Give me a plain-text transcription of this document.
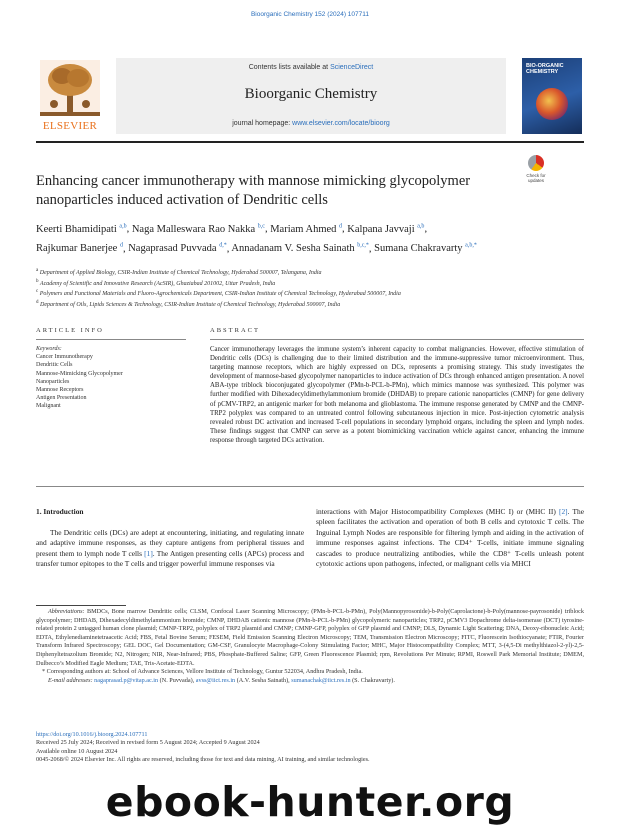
Bioorganic Chemistry 152 (2024) 107711
ELSEVIER
Contents lists available at ScienceDirect
Bioorganic Chemistry
journal homepage: www.elsevier.com/locate/bioorg
BIO-ORGANIC CHEMISTRY
Enhancing cancer immunotherapy with mannose mimicking glycopolymer nanoparticles induced activation of Dendritic cells
Check for
updates
Keerti Bhamidipati $^{a,b}$, Naga Malleswara Rao Nakka $^{b,c}$, Mariam Ahmed $^d$, Kalpana Javvaji $^{a,b}$,
Rajkumar Banerjee $^d$, Nagaprasad Puvvada $^{d,*}$, Annadanam V. Sesha Sainath $^{b,c,*}$, Sumana Chakravarty $^{a,b,*}$
$^a$ Department of Applied Biology, CSIR-Indian Institute of Chemical Technology, Hyderabad 500007, Telangana, India
$^b$ Academy of Scientific and Innovative Research (AcSIR), Ghaziabad 201002, Uttar Pradesh, India
$^c$ Polymers and Functional Materials and Fluoro-Agrochemicals Department, CSIR-Indian Institute of Chemical Technology, Hyderabad 500007, India
$^d$ Department of Oils, Lipids Sciences & Technology, CSIR-Indian Institute of Chemical Technology, Hyderabad 500007, India
ARTICLE INFO	ABSTRACT
Keywords:
Cancer Immunotherapy
Dendritic Cells
Mannose-Mimicking Glycopolymer
Nanoparticles
Mannose Receptors
Antigen Presentation
Malignant
Cancer immunotherapy leverages the immune system’s inherent capacity to combat malignancies. However, effective stimulation of Dendritic cells (DCs) is challenging due to their limited distribution and the immune-suppressive tumor microenvironment. Thus, targeting mannose receptors, which are highly expressed on DCs, represents a promising strategy. This study investigates the development of mannose-based glycopolymer nanoparticles to induce activation of DCs through enhanced antigen presentation. A novel ABA-type triblock bioconjugated glycopolymer (PMn-b-PCL-b-PMn), which mimics mannose was synthesized. This polymer was further modified with Dihexadecyldimethylammonium bromide (DHDAB) to prepare cationic nanoparticles (CMNP) for gene delivery of pCMV-TRP2, an antigenic marker for both melanoma and glioblastoma. The immune response generated by CMNP and the CMNP-TRP2 polyplex was compared to an untreated control following subcutaneous injection in mice. Post-injection cytometric analysis revealed robust DC activation and increased T-cell populations in secondary lymphoid organs, including the spleen and lymph nodes. These findings suggest that CMNP can serve as a potent biomimicking vaccination vehicle against cancer, enhancing the immune response through targeted DCs activation.
1. Introduction
The Dendritic cells (DCs) are adept at encountering, initiating, and regulating innate and adaptive immune responses, as they capture antigens from peripheral tissues and present them to lymph node T cells [1]. The Antigen presenting cells (APCs) process and transfer tumor epitopes to the T cells and trigger powerful immune responses via
interactions with Major Histocompatibility Complexes (MHC I) or (MHC II) [2]. The spleen facilitates the activation and operation of both B cells and cytotoxic T cells. The Inguinal Lymph Nodes are responsible for filtering lymph and aiding in the activation of immune responses against infections. The CD4⁺ T-cells, initiate immune signaling cascades to produce neutralizing antibodies, while the CD8⁺ T-cells unleash potent cytotoxic actions upon pathogens, infected, or malignant cells via MHCI
Abbreviations: BMDCs, Bone marrow Dendritic cells; CLSM, Confocal Laser Scanning Microscopy; (PMn-b-PCL-b-PMn), Poly(Mannopyrosonide)-b-Poly(Caprolactone)-b-Poly(mannose-payrosonide) triblock glycopolymer; DHDAB, Dihexadecyldimethylammonium bromide; CMNP, DHDAB cationic mannose (PMn-b-PCL-b-PMn) glycopolymeric nanoparticles; TRP2, pCMV3 Dopachrome delta-isomerase (DCT) tyrosine-related protein 2 untagged human clone plasmid; CMNP-TRP2, polyplex of TRP2 plasmid and CMNP; CMNP-GFP, polyplex of GFP plasmid and CMNP; DLS, Dynamic Light Scattering; DNA, Deoxy-ribonucleic Acid; EDTA, Ethylenediaminetetraacetic Acid; FBS, Fetal Bovine Serum; FESEM, Field Emission Scanning Electron Microscopy; TEM, Transmission Electron Microscopy; FITC, Fluorescein Isothiocyanate; FTIR, Fourier Transform Infrared Spectroscopy; GEL DOC, Gel Documentation; GM-CSF, Granulocyte Macrophage-Colony Stimulating Factor; MHC, Major Histocompatibility Complex; MTT, 3-(4,5-Di methylthiazol-2-yl)-2,5-Diphenyltetrazolium Bromide; N2, Nitrogen; NIR, Near-Infrared; PBS, Phosphate-Buffered Saline; GFP, Green Fluorescence Plasmid; rpm, Revolutions Per Minute; RPMI, Roswell Park Memorial Institute; DMEM, Dulbecco’s Modified Eagle Medium; TAE, Tris-Acetate-EDTA.
* Corresponding authors at: School of Advance Sciences, Vellore Institute of Technology, Guntur 522034, Andhra Pradesh, India.
E-mail addresses: nagaprasad.p@vitap.ac.in (N. Puvvada), avss@iict.res.in (A.V. Sesha Sainath), sumanachak@iict.res.in (S. Chakravarty).
https://doi.org/10.1016/j.bioorg.2024.107711
Received 25 July 2024; Received in revised form 5 August 2024; Accepted 9 August 2024
Available online 10 August 2024
0045-2068/© 2024 Elsevier Inc. All rights are reserved, including those for text and data mining, AI training, and similar technologies.
ebook-hunter.org
